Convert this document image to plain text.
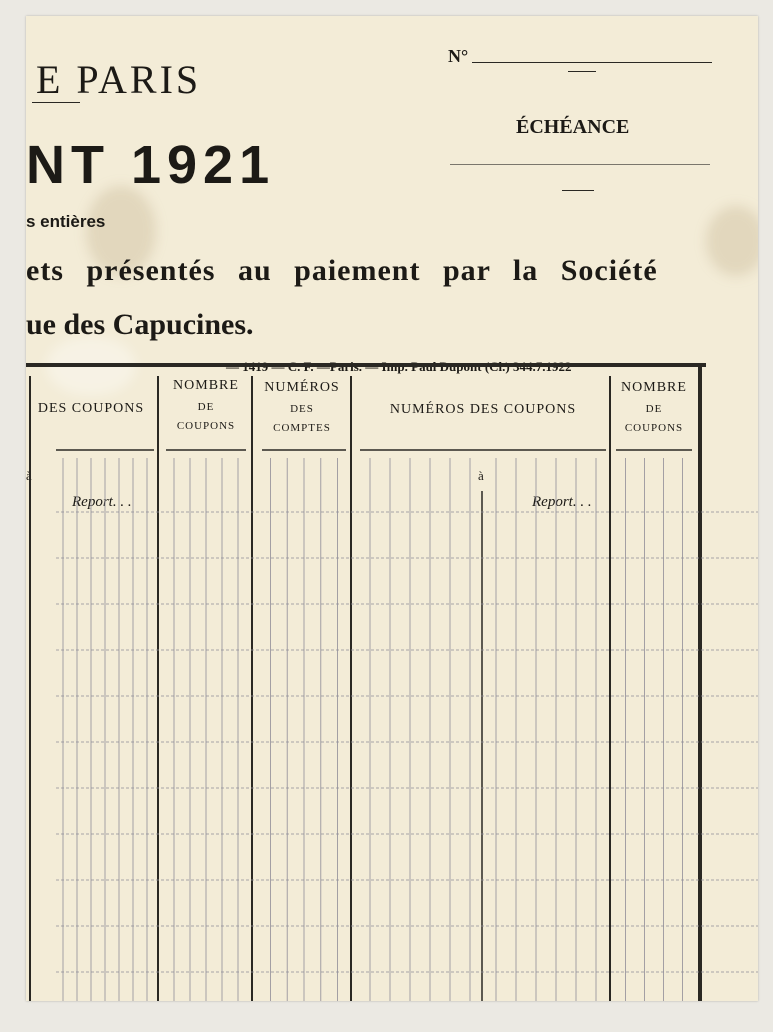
E PARIS
NT 1921
s entières
ets présentés au paiement par la Société
ue des Capucines.
N°
ÉCHÉANCE
DES COUPONS
NOMBRE
DE
COUPONS
NUMÉROS
DES
COMPTES
NUMÉROS DES COUPONS
NOMBRE
DE
COUPONS
à	à
Report. . .	Report. . .
